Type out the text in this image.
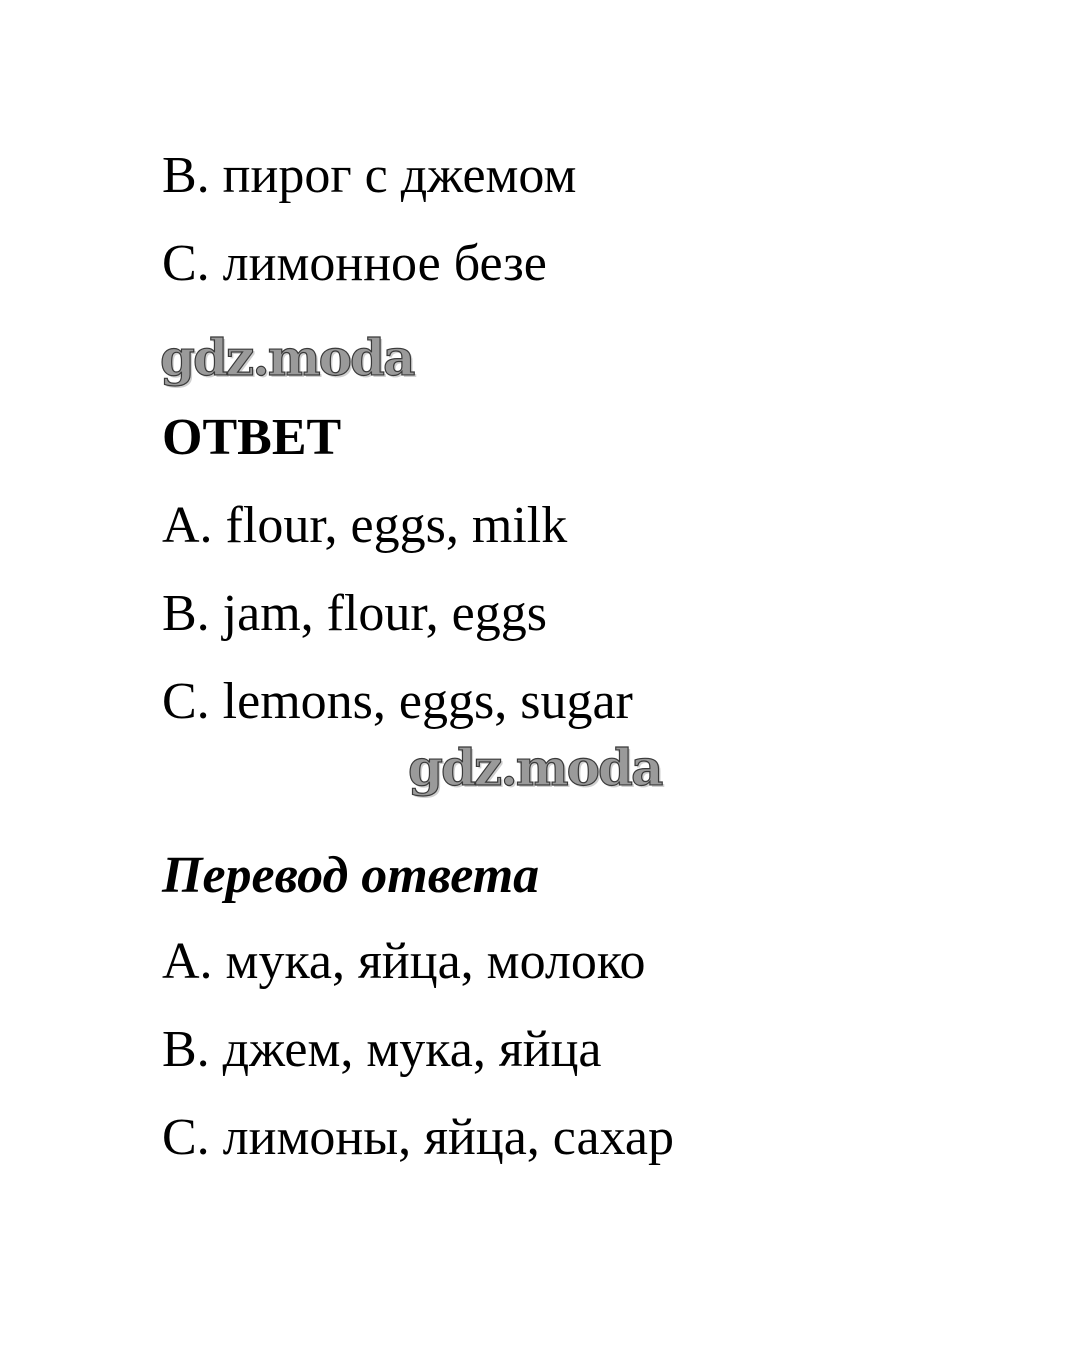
B. пирог с джемом

C. лимонное безе

gdz.moda

ОТВЕТ

A. flour, eggs, milk

B. jam, flour, eggs

C. lemons, eggs, sugar

gdz.moda

Перевод ответа

A. мука, яйца, молоко

B. джем, мука, яйца

C. лимоны, яйца, сахар
